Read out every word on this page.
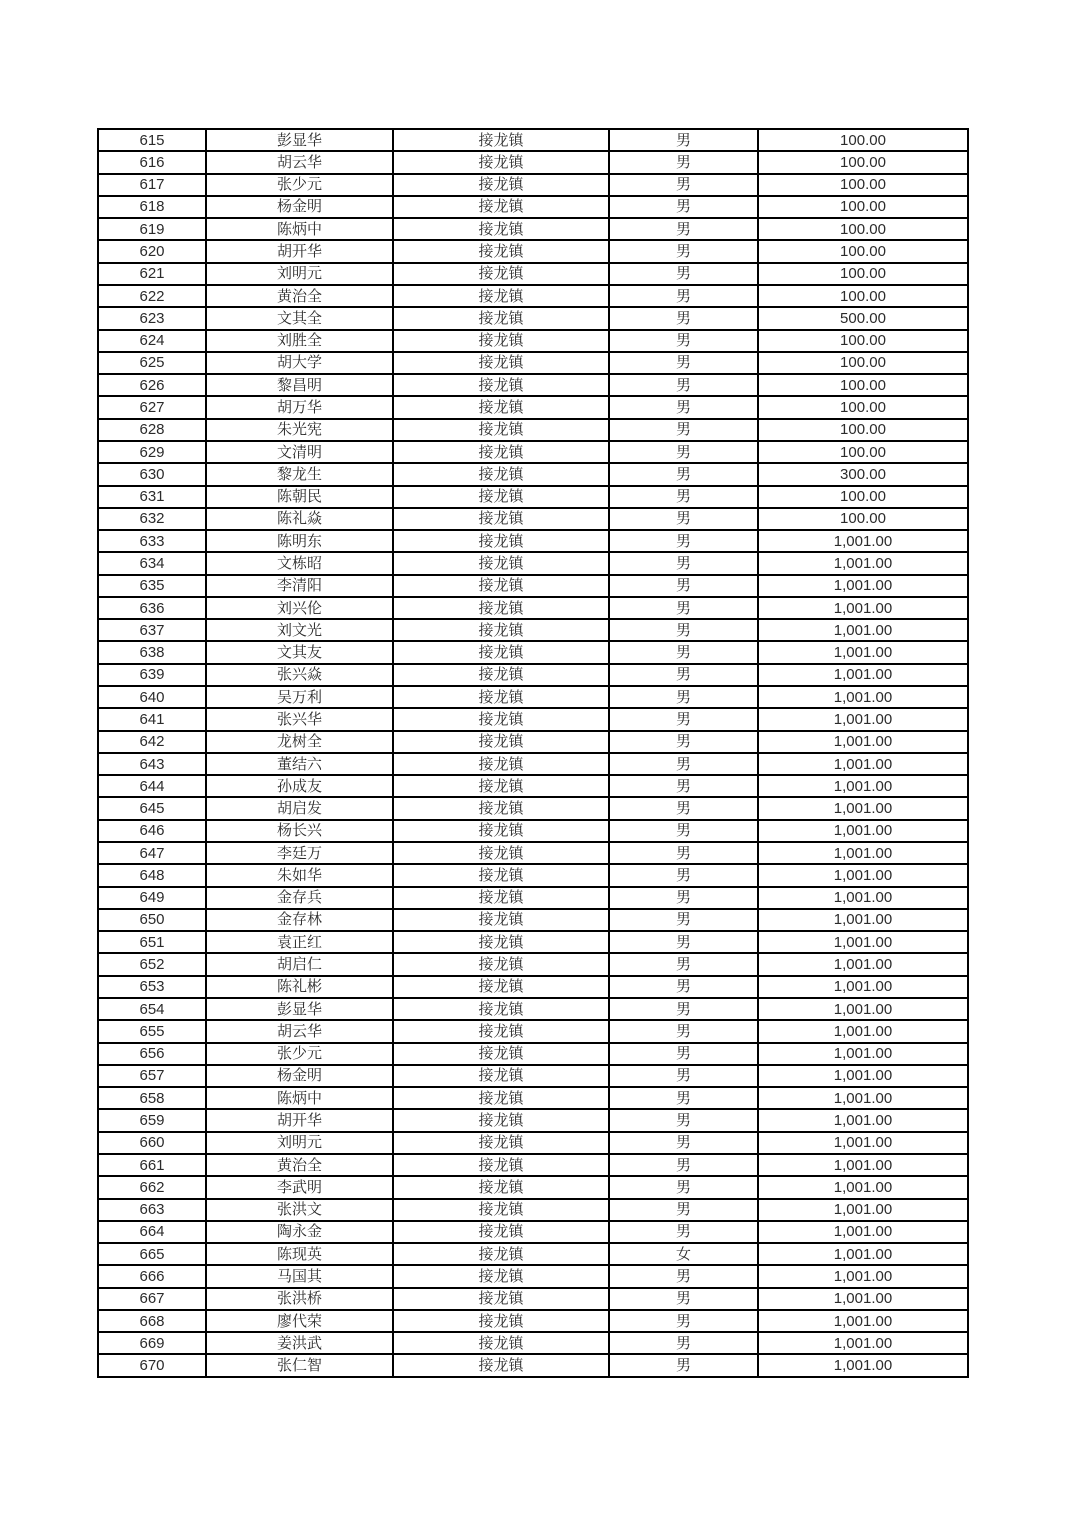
615	彭显华	接龙镇	男	100.00
616	胡云华	接龙镇	男	100.00
617	张少元	接龙镇	男	100.00
618	杨金明	接龙镇	男	100.00
619	陈炳中	接龙镇	男	100.00
620	胡开华	接龙镇	男	100.00
621	刘明元	接龙镇	男	100.00
622	黄治全	接龙镇	男	100.00
623	文其全	接龙镇	男	500.00
624	刘胜全	接龙镇	男	100.00
625	胡大学	接龙镇	男	100.00
626	黎昌明	接龙镇	男	100.00
627	胡万华	接龙镇	男	100.00
628	朱光宪	接龙镇	男	100.00
629	文清明	接龙镇	男	100.00
630	黎龙生	接龙镇	男	300.00
631	陈朝民	接龙镇	男	100.00
632	陈礼焱	接龙镇	男	100.00
633	陈明东	接龙镇	男	1,001.00
634	文栋昭	接龙镇	男	1,001.00
635	李清阳	接龙镇	男	1,001.00
636	刘兴伦	接龙镇	男	1,001.00
637	刘文光	接龙镇	男	1,001.00
638	文其友	接龙镇	男	1,001.00
639	张兴焱	接龙镇	男	1,001.00
640	吴万利	接龙镇	男	1,001.00
641	张兴华	接龙镇	男	1,001.00
642	龙树全	接龙镇	男	1,001.00
643	董结六	接龙镇	男	1,001.00
644	孙成友	接龙镇	男	1,001.00
645	胡启发	接龙镇	男	1,001.00
646	杨长兴	接龙镇	男	1,001.00
647	李廷万	接龙镇	男	1,001.00
648	朱如华	接龙镇	男	1,001.00
649	金存兵	接龙镇	男	1,001.00
650	金存林	接龙镇	男	1,001.00
651	袁正红	接龙镇	男	1,001.00
652	胡启仁	接龙镇	男	1,001.00
653	陈礼彬	接龙镇	男	1,001.00
654	彭显华	接龙镇	男	1,001.00
655	胡云华	接龙镇	男	1,001.00
656	张少元	接龙镇	男	1,001.00
657	杨金明	接龙镇	男	1,001.00
658	陈炳中	接龙镇	男	1,001.00
659	胡开华	接龙镇	男	1,001.00
660	刘明元	接龙镇	男	1,001.00
661	黄治全	接龙镇	男	1,001.00
662	李武明	接龙镇	男	1,001.00
663	张洪文	接龙镇	男	1,001.00
664	陶永金	接龙镇	男	1,001.00
665	陈现英	接龙镇	女	1,001.00
666	马国其	接龙镇	男	1,001.00
667	张洪桥	接龙镇	男	1,001.00
668	廖代荣	接龙镇	男	1,001.00
669	姜洪武	接龙镇	男	1,001.00
670	张仁智	接龙镇	男	1,001.00
